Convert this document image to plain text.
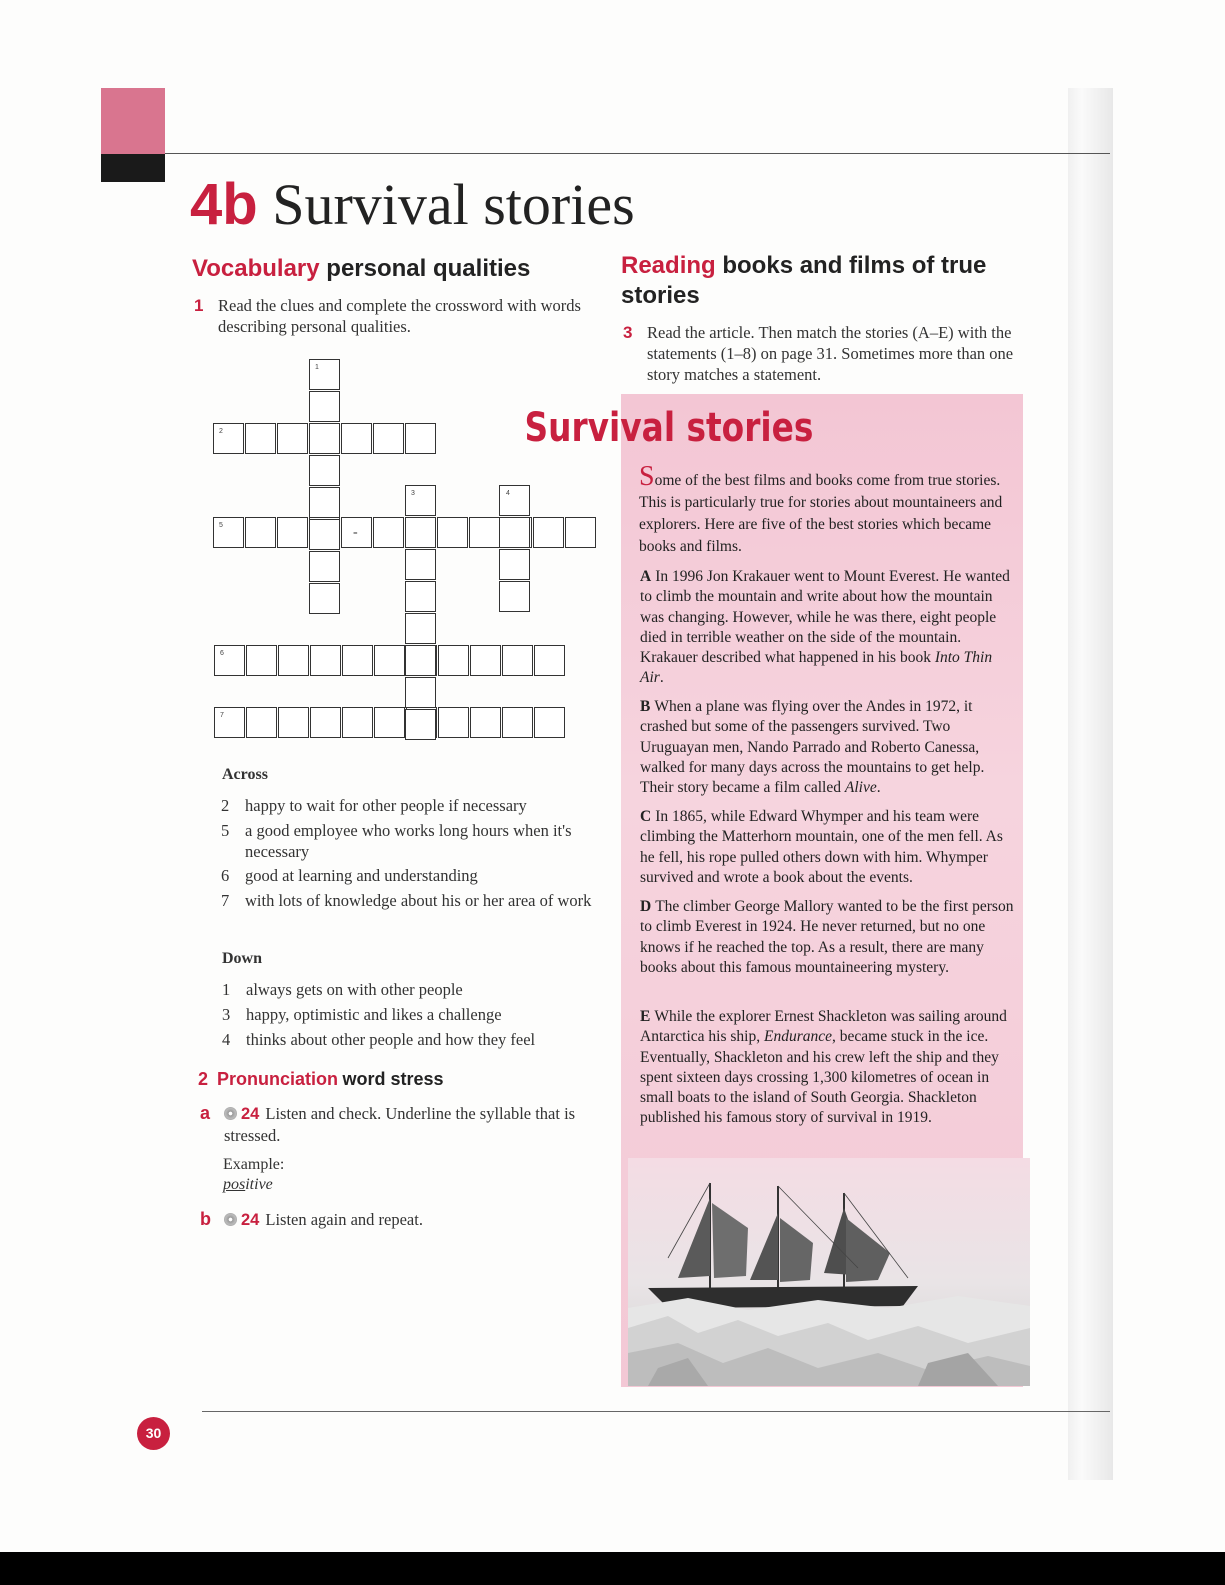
4b Survival stories
Vocabulary personal qualities
1 Read the clues and complete the crossword with words describing personal qualities.
1
2
3	4
5
6
7
-
Across
2 happy to wait for other people if necessary
5 a good employee who works long hours when it's necessary
6 good at learning and understanding
7 with lots of knowledge about his or her area of work
Down
1 always gets on with other people
3 happy, optimistic and likes a challenge
4 thinks about other people and how they feel
2 Pronunciation word stress
a 24 Listen and check. Underline the syllable that is stressed.
Example:
positive
b 24 Listen again and repeat.
Reading books and films of true stories
3 Read the article. Then match the stories (A–E) with the statements (1–8) on page 31. Sometimes more than one story matches a statement.
Survival stories
Some of the best films and books come from true stories. This is particularly true for stories about mountaineers and explorers. Here are five of the best stories which became books and films.
A In 1996 Jon Krakauer went to Mount Everest. He wanted to climb the mountain and write about how the mountain was changing. However, while he was there, eight people died in terrible weather on the side of the mountain. Krakauer described what happened in his book Into Thin Air.
B When a plane was flying over the Andes in 1972, it crashed but some of the passengers survived. Two Uruguayan men, Nando Parrado and Roberto Canessa, walked for many days across the mountains to get help. Their story became a film called Alive.
C In 1865, while Edward Whymper and his team were climbing the Matterhorn mountain, one of the men fell. As he fell, his rope pulled others down with him. Whymper survived and wrote a book about the events.
D The climber George Mallory wanted to be the first person to climb Everest in 1924. He never returned, but no one knows if he reached the top. As a result, there are many books about this famous mountaineering mystery.
E While the explorer Ernest Shackleton was sailing around Antarctica his ship, Endurance, became stuck in the ice. Eventually, Shackleton and his crew left the ship and they spent sixteen days crossing 1,300 kilometres of ocean in small boats to the island of South Georgia. Shackleton published his famous story of survival in 1919.
30
